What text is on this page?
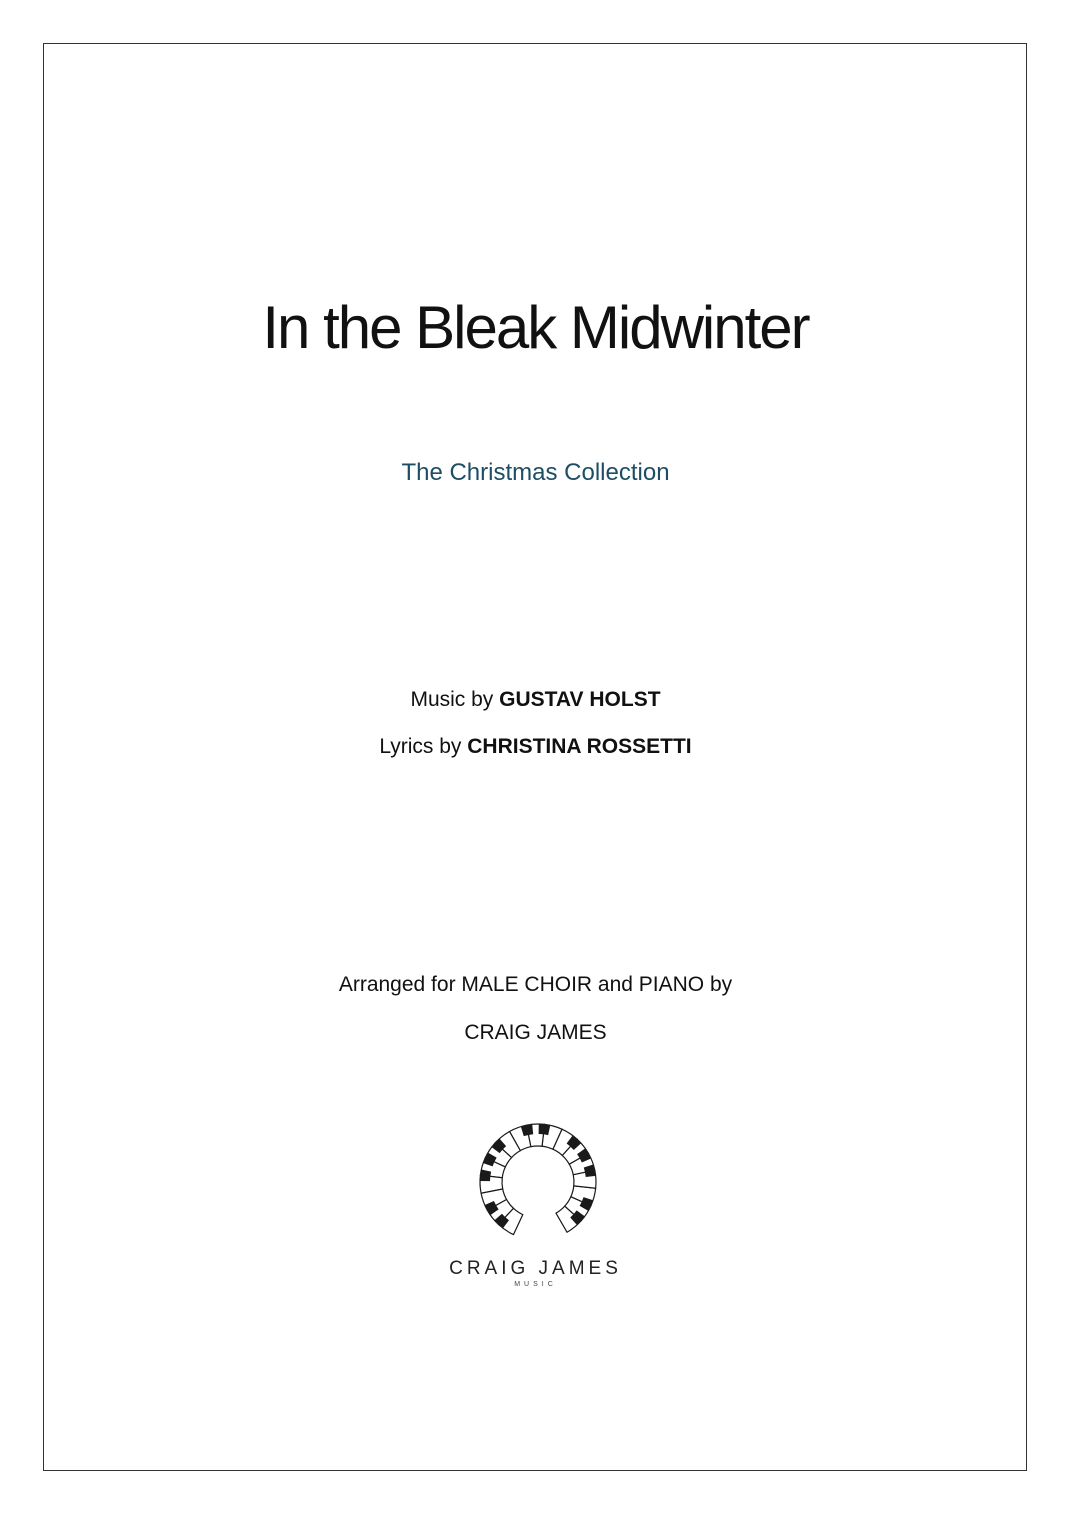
In the Bleak Midwinter
The Christmas Collection
Music by GUSTAV HOLST
Lyrics by CHRISTINA ROSSETTI
Arranged for MALE CHOIR and PIANO by
CRAIG JAMES
CRAIG JAMES
MUSIC
